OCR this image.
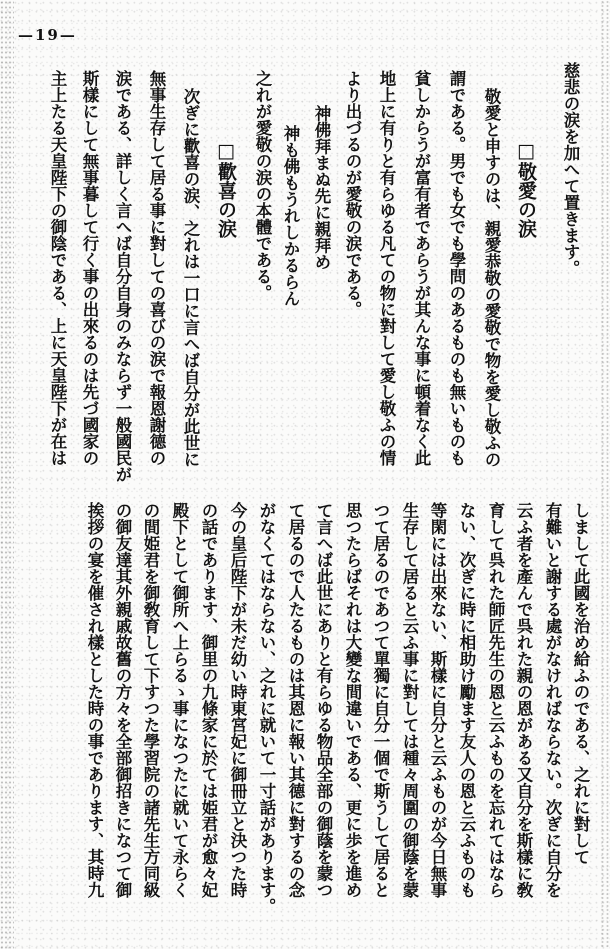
—19—
慈悲の涙を加へて置きます。
□敬愛の涙
敬愛と申すのは、親愛恭敬の愛敬で物を愛し敬ふの
謂である。男でも女でも學問のあるものも無いものも
貧しからうが富有者であらうが其んな事に頓着なく此
地上に有りと有らゆる凡ての物に對して愛し敬ふの情
より出づるのが愛敬の涙である。
神佛拜まぬ先に親拜め
神も佛もうれしかるらん
之れが愛敬の涙の本體である。
□歡喜の涙
次ぎに歡喜の涙、之れは一口に言へば自分が此世に
無事生存して居る事に對しての喜びの涙で報恩謝德の
涙である、詳しく言へば自分自身のみならず一般國民が
斯樣にして無事暮して行く事の出來るのは先づ國家の
主上たる天皇陛下の御陰である、上に天皇陛下が在は
しまして此國を治め給ふのである、之れに對して
有難いと謝する處がなければならない。次ぎに自分を
云ふ者を產んで呉れた親の恩がある又自分を斯樣に敎
育して呉れた師匠先生の恩と云ふものを忘れてはなら
ない、次ぎに時に相助け勵ます友人の恩と云ふものも
等閑には出來ない、斯樣に自分と云ふものが今日無事
生存して居ると云ふ事に對しては種々周圍の御蔭を蒙
つて居るのであつて單獨に自分一個で斯うして居ると
思つたらばそれは大變な間違いである、更に歩を進め
て言へば此世にありと有らゆる物品全部の御蔭を蒙つ
て居るので人たるものは其恩に報い其德に對するの念
がなくてはならない、之れに就いて一寸話があります。
今の皇后陛下が未だ幼い時東宮妃に御冊立と決つた時
の話であります、御里の九條家に於ては姫君が愈々妃
殿下として御所へ上らるゝ事になつたに就いて永らく
の間姫君を御敎育して下すつた學習院の諸先生方同級
の御友達其外親戚故舊の方々を全部御招きになつて御
挨拶の宴を催され樣とした時の事であります、其時九
